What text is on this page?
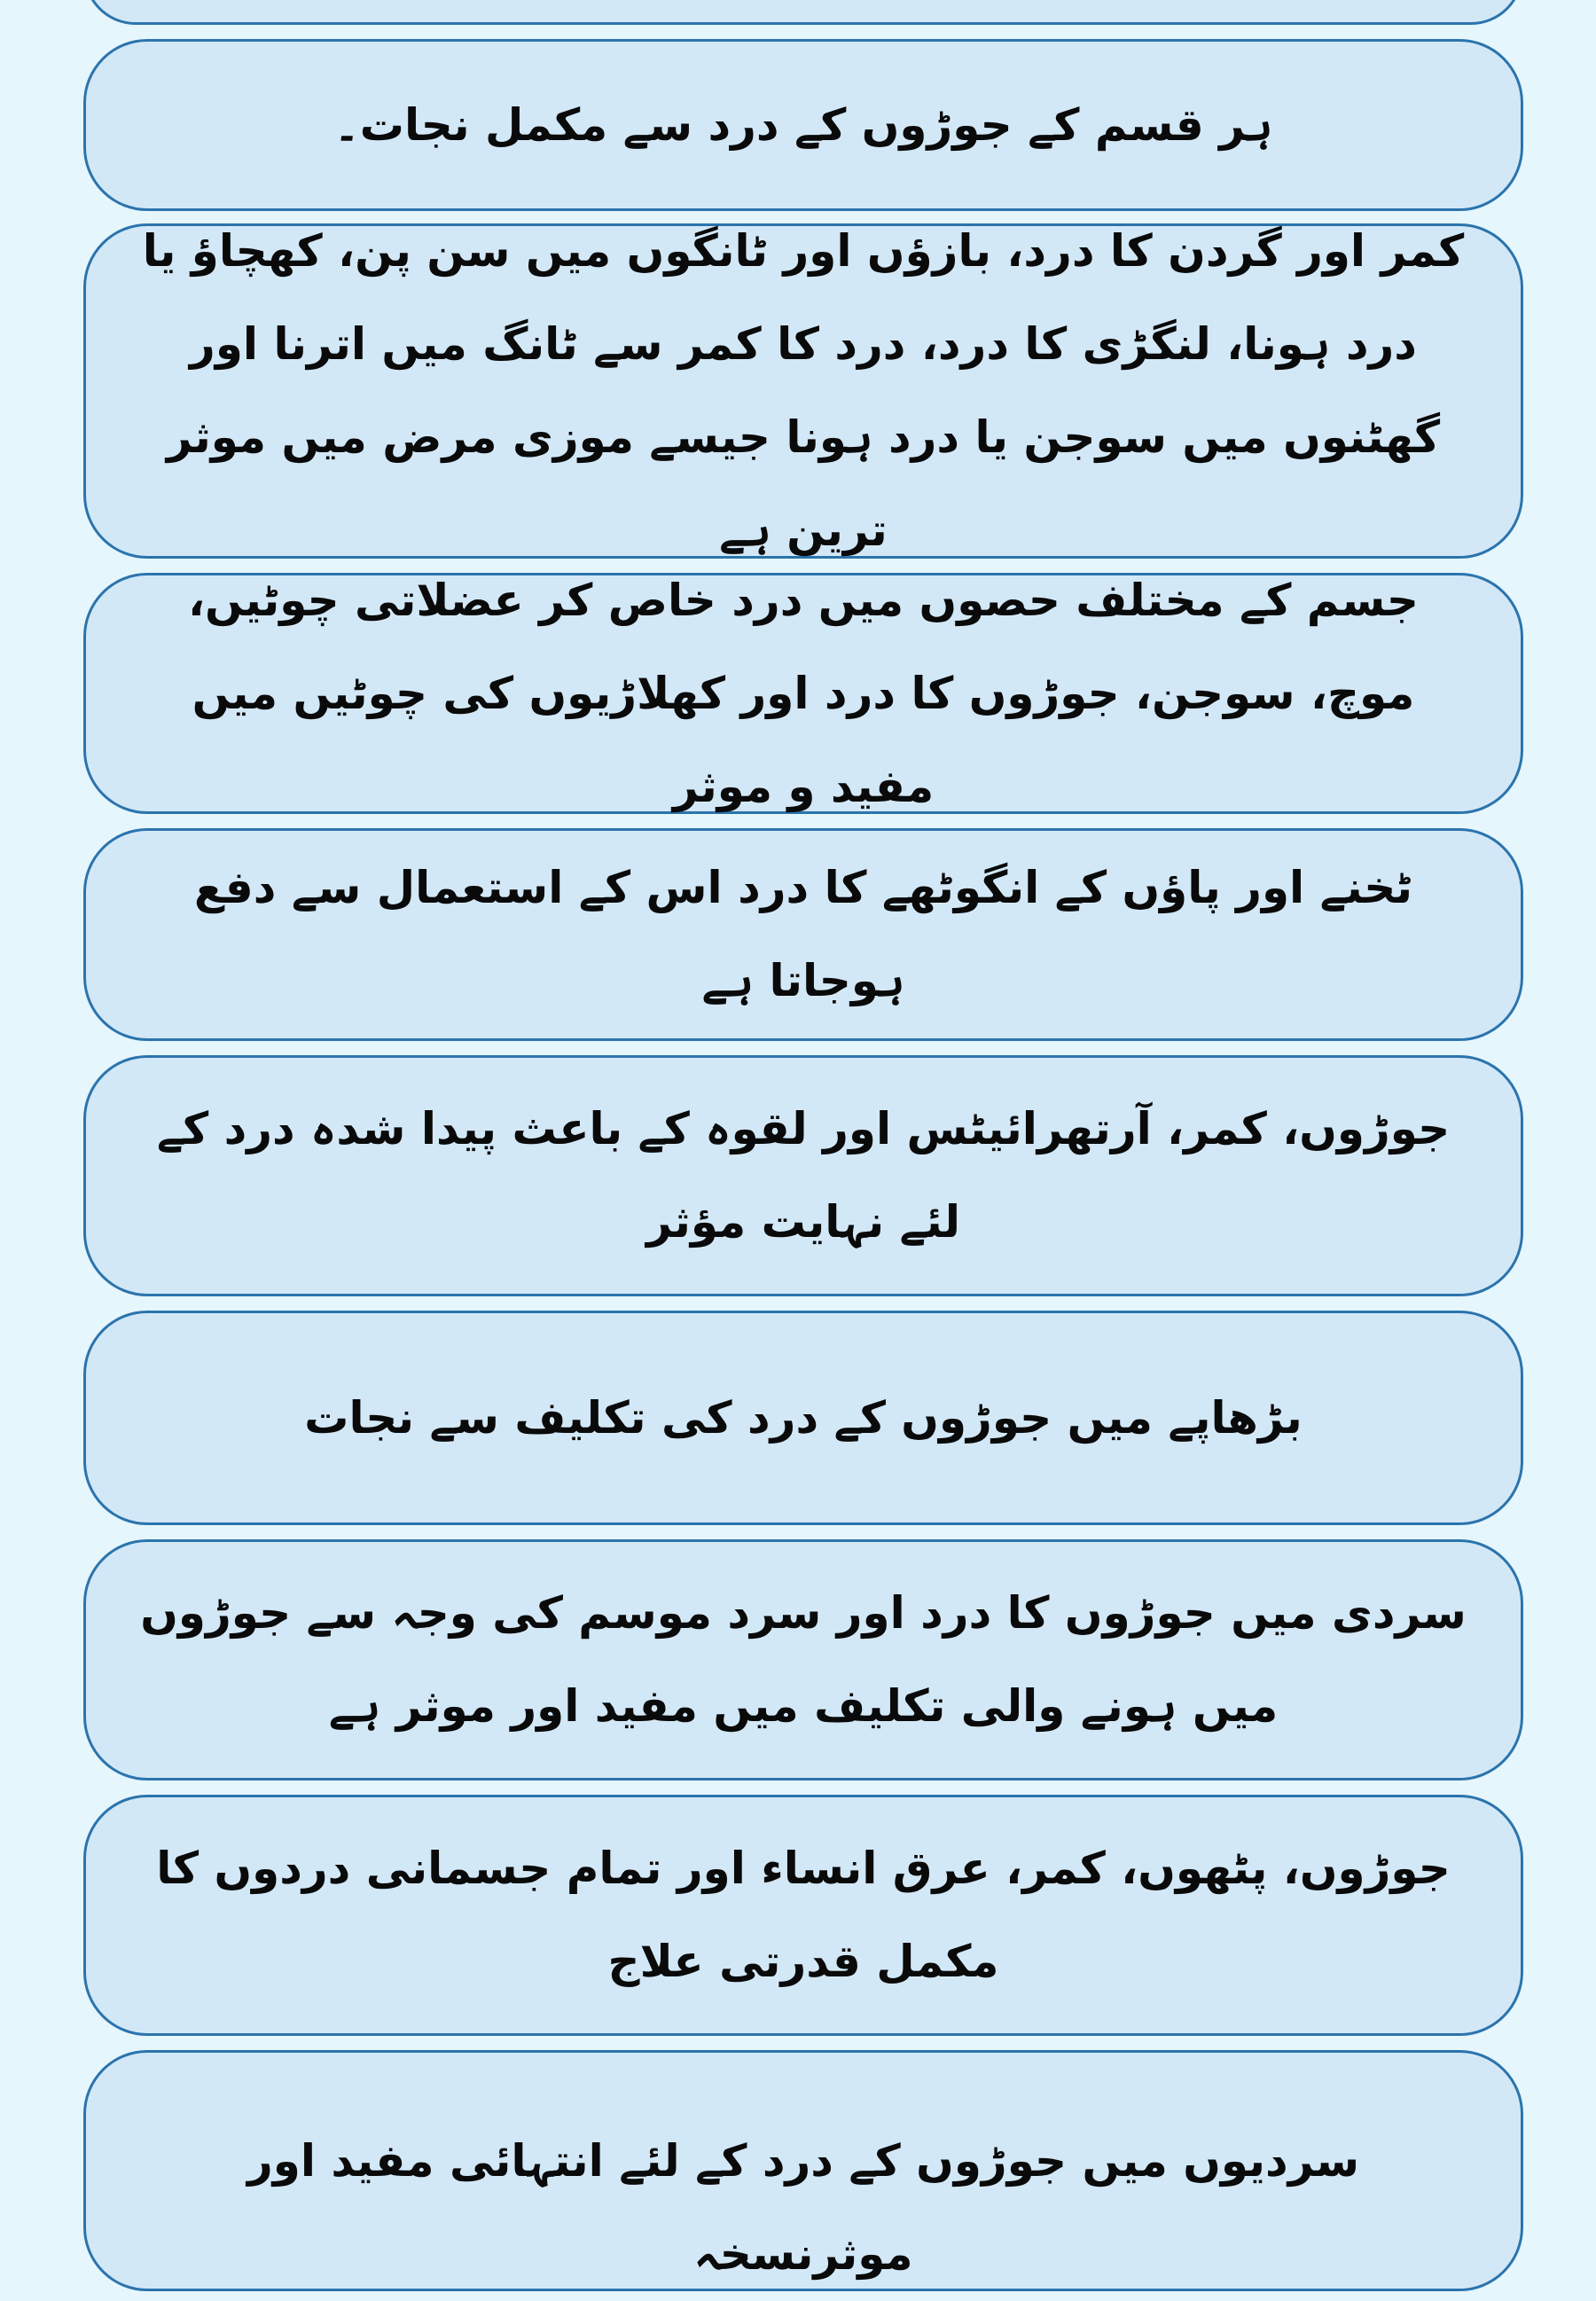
ہر قسم کے جوڑوں کے درد سے مکمل نجات۔

کمر اور گردن کا درد، بازؤں اور ٹانگوں میں سن پن، کھچاؤ یا درد ہونا، لنگڑی کا درد، درد کا کمر سے ٹانگ میں اترنا اور گھٹنوں میں سوجن یا درد ہونا جیسے موزی مرض میں موثر ترین ہے

جسم کے مختلف حصوں میں درد خاص کر عضلاتی چوٹیں، موچ، سوجن، جوڑوں کا درد اور کھلاڑیوں کی چوٹیں میں مفید و موثر

ٹخنے اور پاؤں کے انگوٹھے کا درد اس کے استعمال سے دفع ہوجاتا ہے

جوڑوں، کمر، آرتھرائیٹس اور لقوہ کے باعث پیدا شدہ درد کے لئے نہایت مؤثر

بڑھاپے میں جوڑوں کے درد کی تکلیف سے نجات

سردی میں جوڑوں کا درد اور سرد موسم کی وجہ سے جوڑوں میں ہونے والی تکلیف میں مفید اور موثر ہے

جوڑوں، پٹھوں، کمر، عرق انساء اور تمام جسمانی دردوں کا مکمل قدرتی علاج

سردیوں میں جوڑوں کے درد کے لئے انتہائی مفید اور موثرنسخہ
